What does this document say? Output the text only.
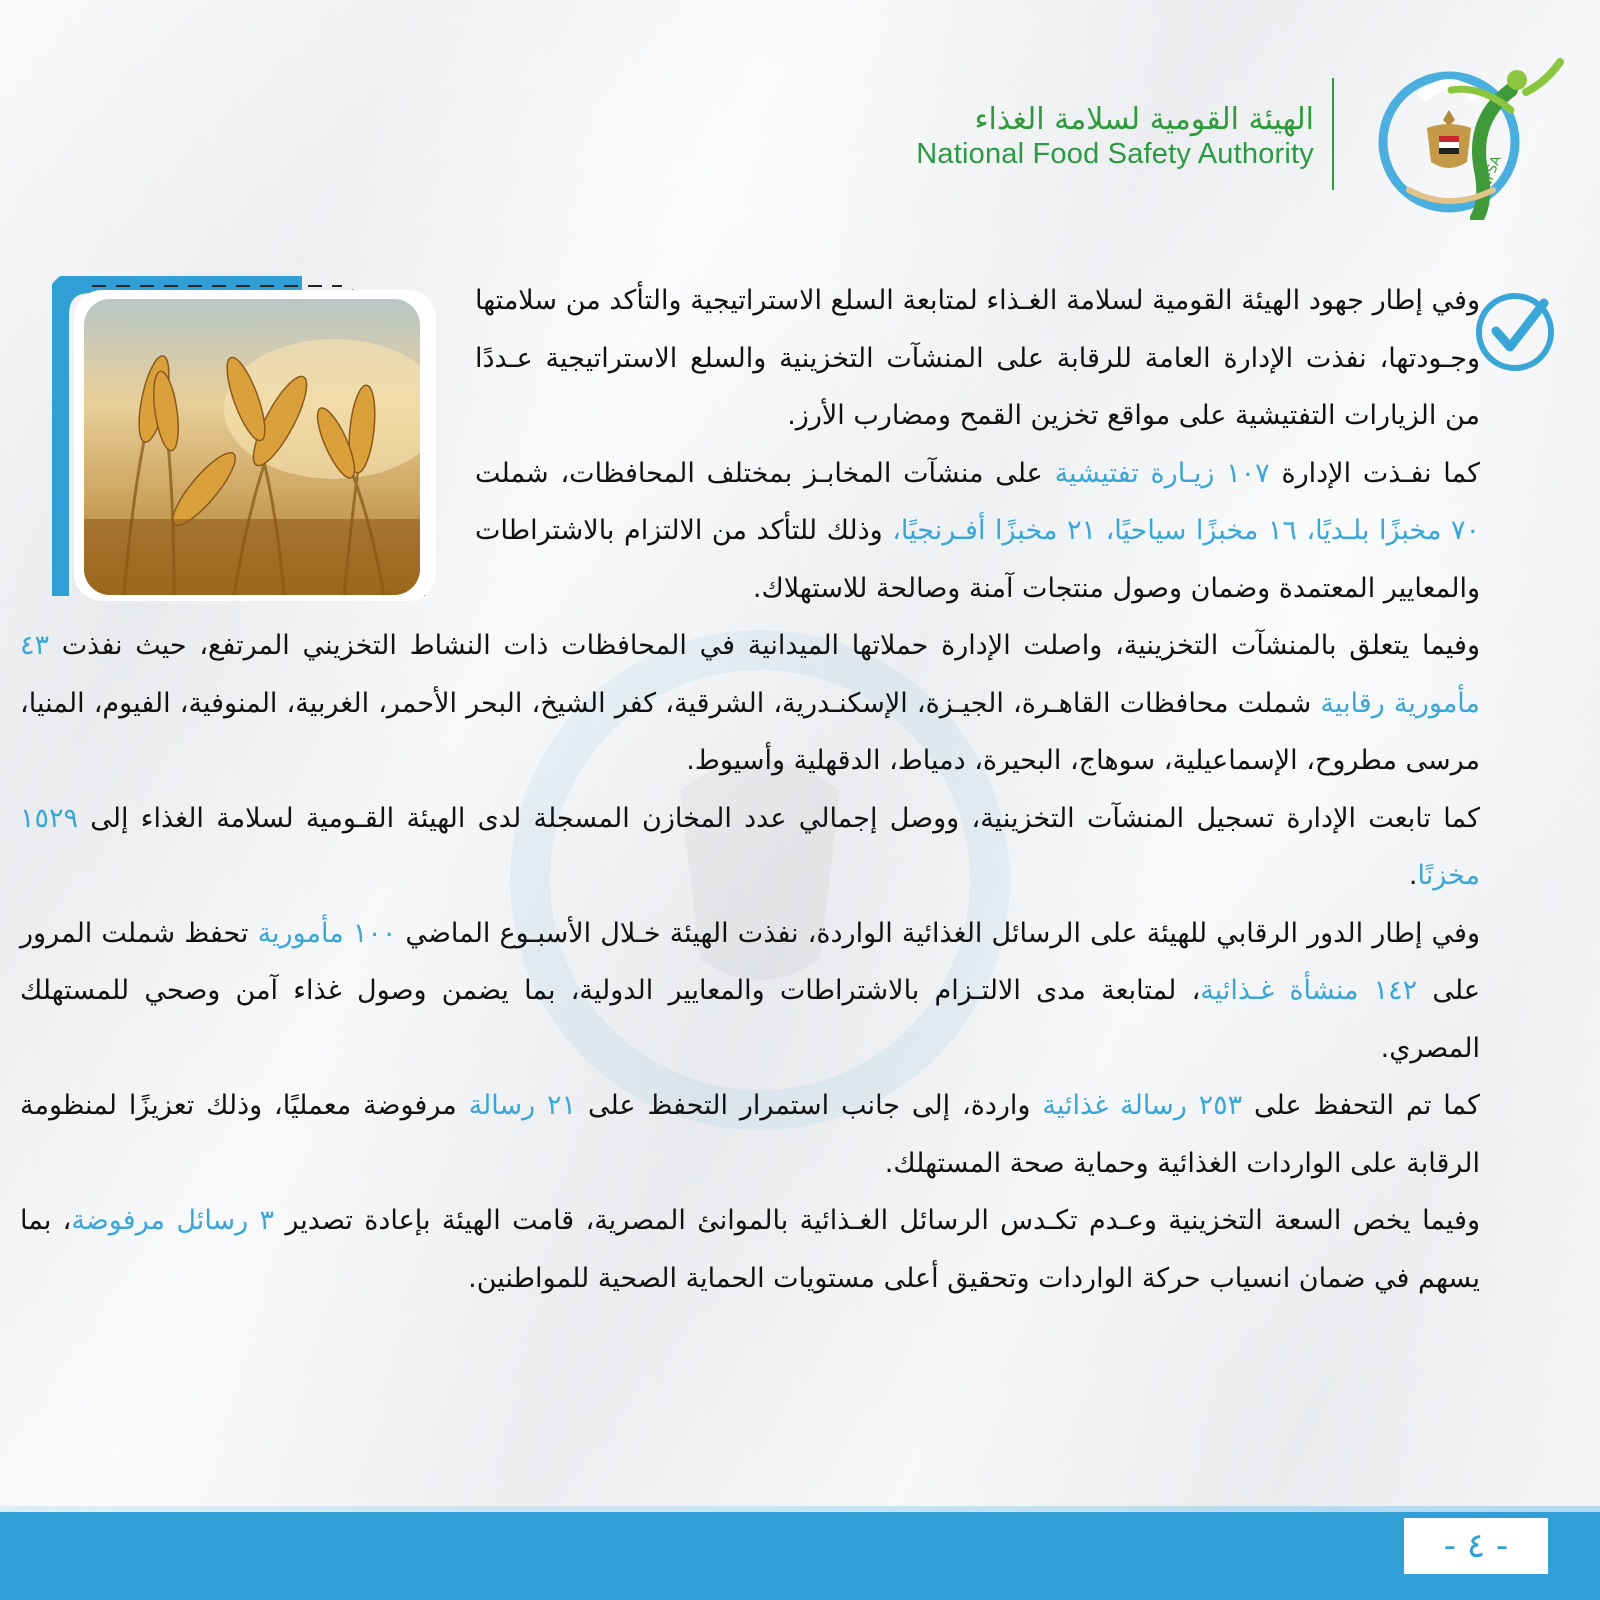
الهيئة القومية لسلامة الغذاء
National Food Safety Authority	NFSA

وفي إطار جهود الهيئة القومية لسلامة الغـذاء لمتابعة السلع الاستراتيجية والتأكد من سلامتها وجـودتها، نفذت الإدارة العامة للرقابة على المنشآت التخزينية والسلع الاستراتيجية عـددًا من الزيارات التفتيشية على مواقع تخزين القمح ومضارب الأرز.

كما نفـذت الإدارة ١٠٧ زيـارة تفتيشية على منشآت المخابـز بمختلف المحافظات، شملت ٧٠ مخبزًا بلـديًا، ١٦ مخبزًا سياحيًا، ٢١ مخبزًا أفـرنجيًا، وذلك للتأكد من الالتزام بالاشتراطات والمعايير المعتمدة وضمان وصول منتجات آمنة وصالحة للاستهلاك.

وفيما يتعلق بالمنشآت التخزينية، واصلت الإدارة حملاتها الميدانية في المحافظات ذات النشاط التخزيني المرتفع، حيث نفذت ٤٣ مأمورية رقابية شملت محافظات القاهـرة، الجيـزة، الإسكنـدرية، الشرقية، كفر الشيخ، البحر الأحمر، الغربية، المنوفية، الفيوم، المنيا، مرسى مطروح، الإسماعيلية، سوهاج، البحيرة، دمياط، الدقهلية وأسيوط.

كما تابعت الإدارة تسجيل المنشآت التخزينية، ووصل إجمالي عدد المخازن المسجلة لدى الهيئة القـومية لسلامة الغذاء إلى ١٥٢٩ مخزنًا.

وفي إطار الدور الرقابي للهيئة على الرسائل الغذائية الواردة، نفذت الهيئة خـلال الأسبـوع الماضي ١٠٠ مأمورية تحفظ شملت المرور على ١٤٢ منشأة غـذائية، لمتابعة مدى الالتـزام بالاشتراطات والمعايير الدولية، بما يضمن وصول غذاء آمن وصحي للمستهلك المصري.

كما تم التحفظ على ٢٥٣ رسالة غذائية واردة، إلى جانب استمرار التحفظ على ٢١ رسالة مرفوضة معمليًا، وذلك تعزيزًا لمنظومة الرقابة على الواردات الغذائية وحماية صحة المستهلك.

وفيما يخص السعة التخزينية وعـدم تكـدس الرسائل الغـذائية بالموانئ المصرية، قامت الهيئة بإعادة تصدير ٣ رسائل مرفوضة، بما يسهم في ضمان انسياب حركة الواردات وتحقيق أعلى مستويات الحماية الصحية للمواطنين.

- ٤ -
